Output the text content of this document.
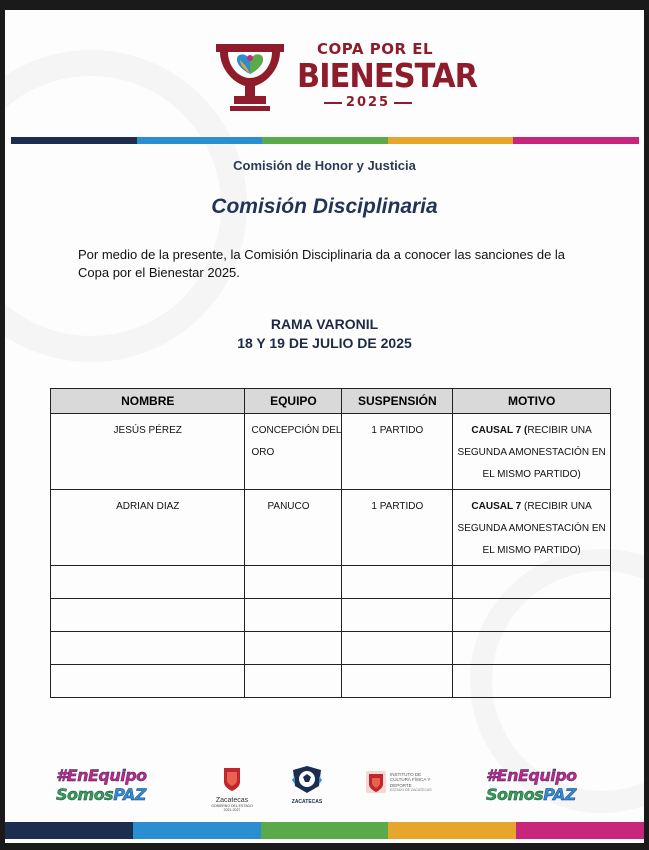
COPA POR EL
BIENESTAR
2025
Comisión de Honor y Justicia
Comisión Disciplinaria
Por medio de la presente, la Comisión Disciplinaria da a conocer las sanciones de la Copa por el Bienestar 2025.
RAMA VARONIL
18 Y 19 DE JULIO DE 2025
NOMBRE	EQUIPO	SUSPENSIÓN	MOTIVO

JESÚS PÉREZ	CONCEPCIÓN DEL ORO	1 PARTIDO	CAUSAL 7 (RECIBIR UNA SEGUNDA AMONESTACIÓN EN EL MISMO PARTIDO)

ADRIAN DIAZ	PANUCO	1 PARTIDO	CAUSAL 7 (RECIBIR UNA SEGUNDA AMONESTACIÓN EN EL MISMO PARTIDO)

#EnEquipo
SomosPAZ	Zacatecas
GOBIERNO DEL ESTADO 2021-2027
ZACATECAS
INSTITUTO DE CULTURA FÍSICA Y DEPORTE
ESTADO DE ZACATECAS
#EnEquipo
SomosPAZ
